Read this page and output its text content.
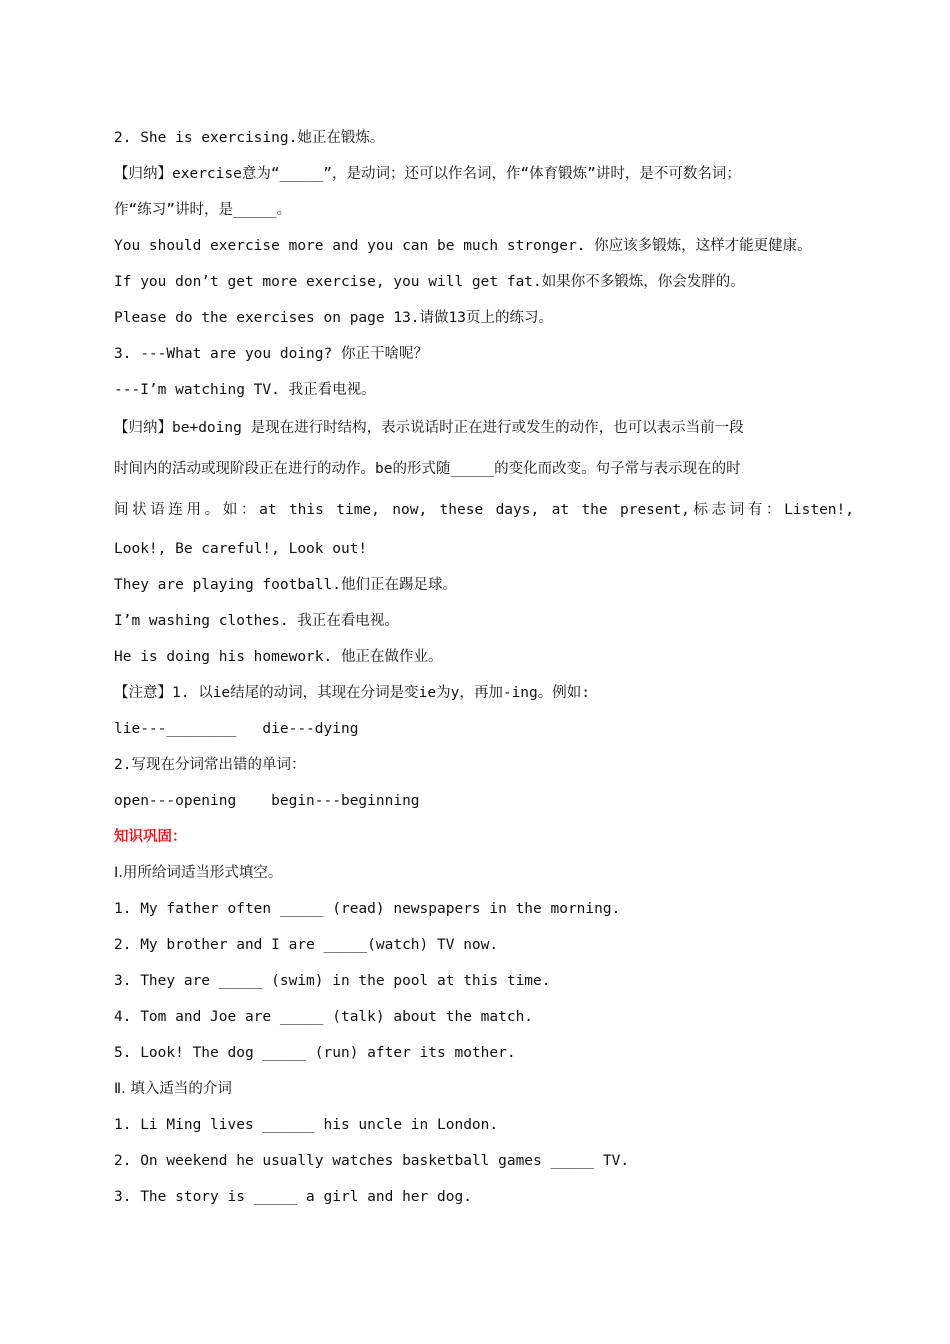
2. She is exercising.她正在锻炼。
【归纳】exercise意为“_____”，是动词；还可以作名词，作“体育锻炼”讲时，是不可数名词；
作“练习”讲时，是_____。
You should exercise more and you can be much stronger. 你应该多锻炼，这样才能更健康。
If you don’t get more exercise, you will get fat.如果你不多锻炼，你会发胖的。
Please do the exercises on page 13.请做13页上的练习。
3. ---What are you doing? 你正干啥呢？
---I’m watching TV. 我正看电视。
【归纳】be+doing 是现在进行时结构，表示说话时正在进行或发生的动作，也可以表示当前一段
时间内的活动或现阶段正在进行的动作。be的形式随_____的变化而改变。句子常与表示现在的时
间状语连用。如：at this time, now, these days, at the present,标志词有：Listen!,
Look!, Be careful!, Look out!
They are playing football.他们正在踢足球。
I’m washing clothes. 我正在看电视。
He is doing his homework. 他正在做作业。
【注意】1. 以ie结尾的动词，其现在分词是变ie为y，再加-ing。例如:
lie---________   die---dying
2.写现在分词常出错的单词：
open---opening    begin---beginning
知识巩固：
Ⅰ.用所给词适当形式填空。
1. My father often _____ (read) newspapers in the morning.
2. My brother and I are _____(watch) TV now.
3. They are _____ (swim) in the pool at this time.
4. Tom and Joe are _____ (talk) about the match.
5. Look! The dog _____ (run) after its mother.
Ⅱ. 填入适当的介词
1. Li Ming lives ______ his uncle in London.
2. On weekend he usually watches basketball games _____ TV.
3. The story is _____ a girl and her dog.
